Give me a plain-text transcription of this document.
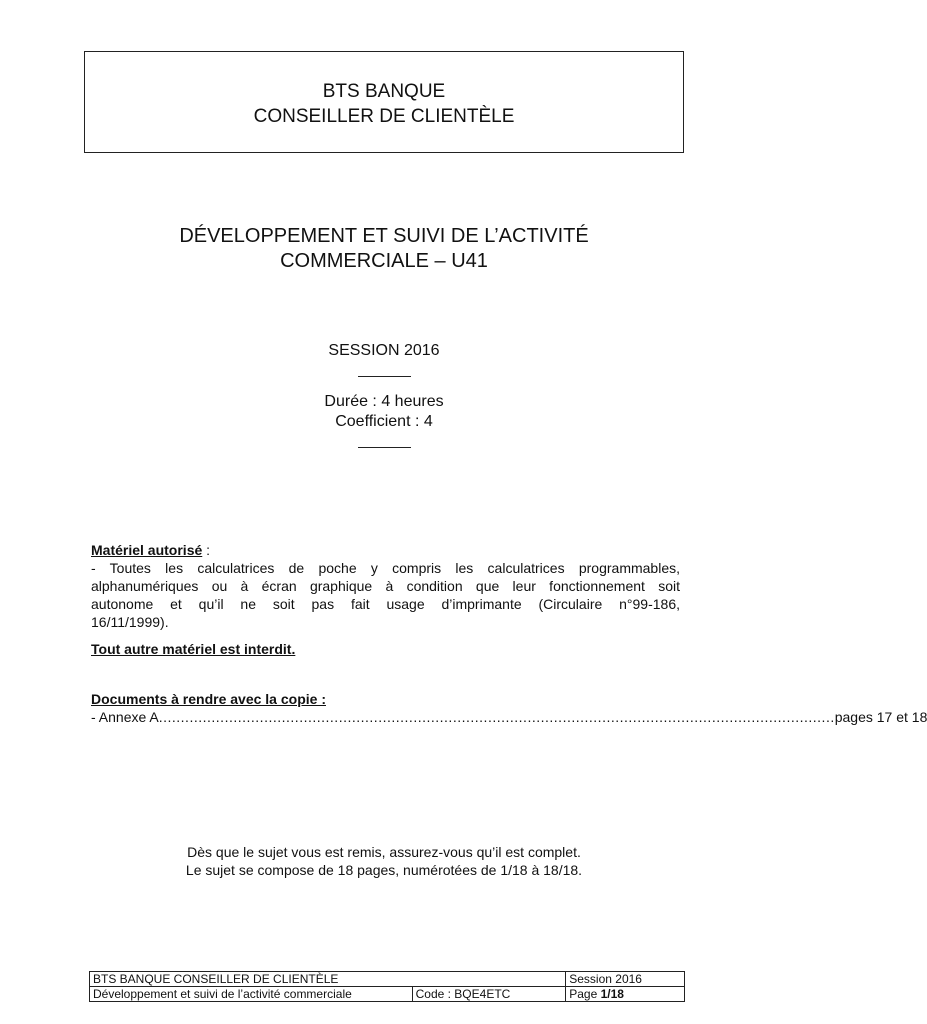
BTS BANQUE
CONSEILLER DE CLIENTÈLE
DÉVELOPPEMENT ET SUIVI DE L’ACTIVITÉ
COMMERCIALE – U41
SESSION 2016
Durée : 4 heures
Coefficient : 4
Matériel autorisé :
- Toutes les calculatrices de poche y compris les calculatrices programmables,
alphanumériques ou à écran graphique à condition que leur fonctionnement soit
autonome et qu’il ne soit pas fait usage d’imprimante (Circulaire n°99-186,
16/11/1999).
Tout autre matériel est interdit.
Documents à rendre avec la copie :
- Annexe A .......................................................................................................................................................... pages 17 et 18
Dès que le sujet vous est remis, assurez-vous qu’il est complet.
Le sujet se compose de 18 pages, numérotées de 1/18 à 18/18.
BTS BANQUE CONSEILLER DE CLIENTÈLE		Session 2016
Développement et suivi de l’activité commerciale	Code : BQE4ETC	Page 1/18
